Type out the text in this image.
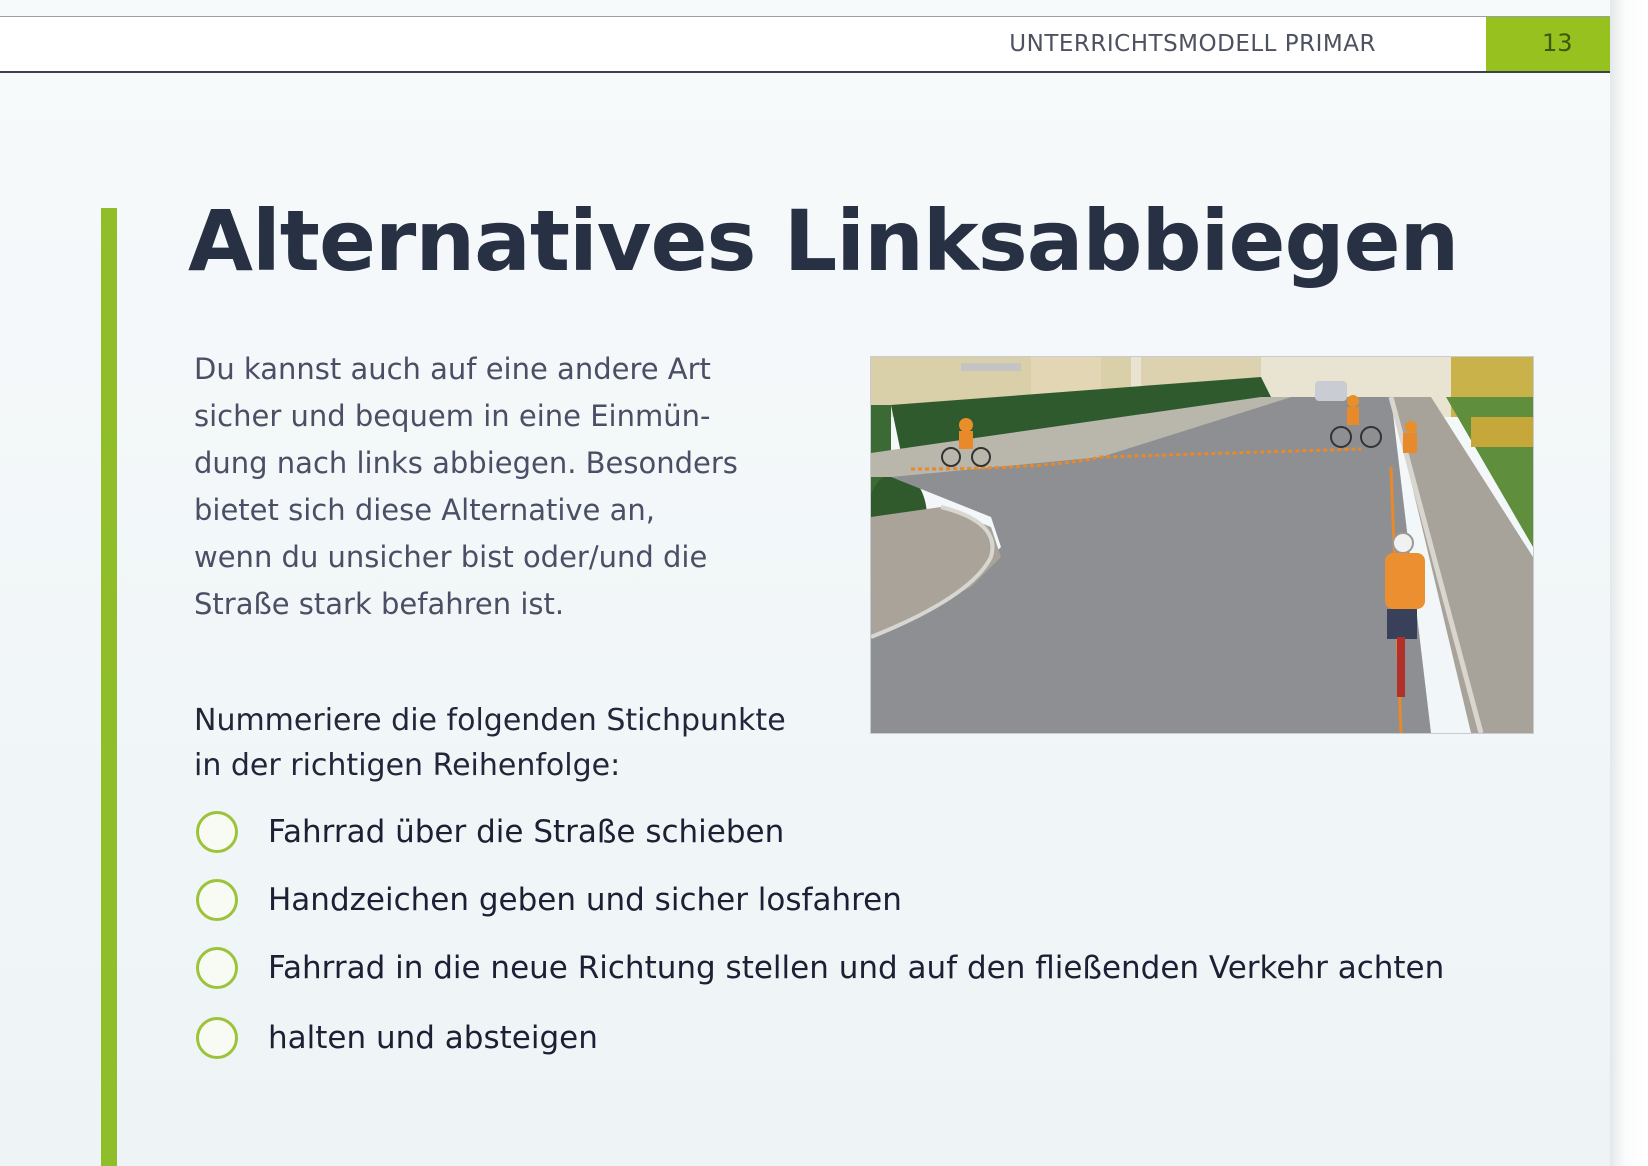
UNTERRICHTSMODELL PRIMAR	13
Alternatives Linksabbiegen

Du kannst auch auf eine andere Art
sicher und bequem in eine Einmün-
dung nach links abbiegen. Besonders
bietet sich diese Alternative an,
wenn du unsicher bist oder/und die
Straße stark befahren ist.

Nummeriere die folgenden Stichpunkte
in der richtigen Reihenfolge:

Fahrrad über die Straße schieben
Handzeichen geben und sicher losfahren
Fahrrad in die neue Richtung stellen und auf den fließenden Verkehr achten
halten und absteigen
